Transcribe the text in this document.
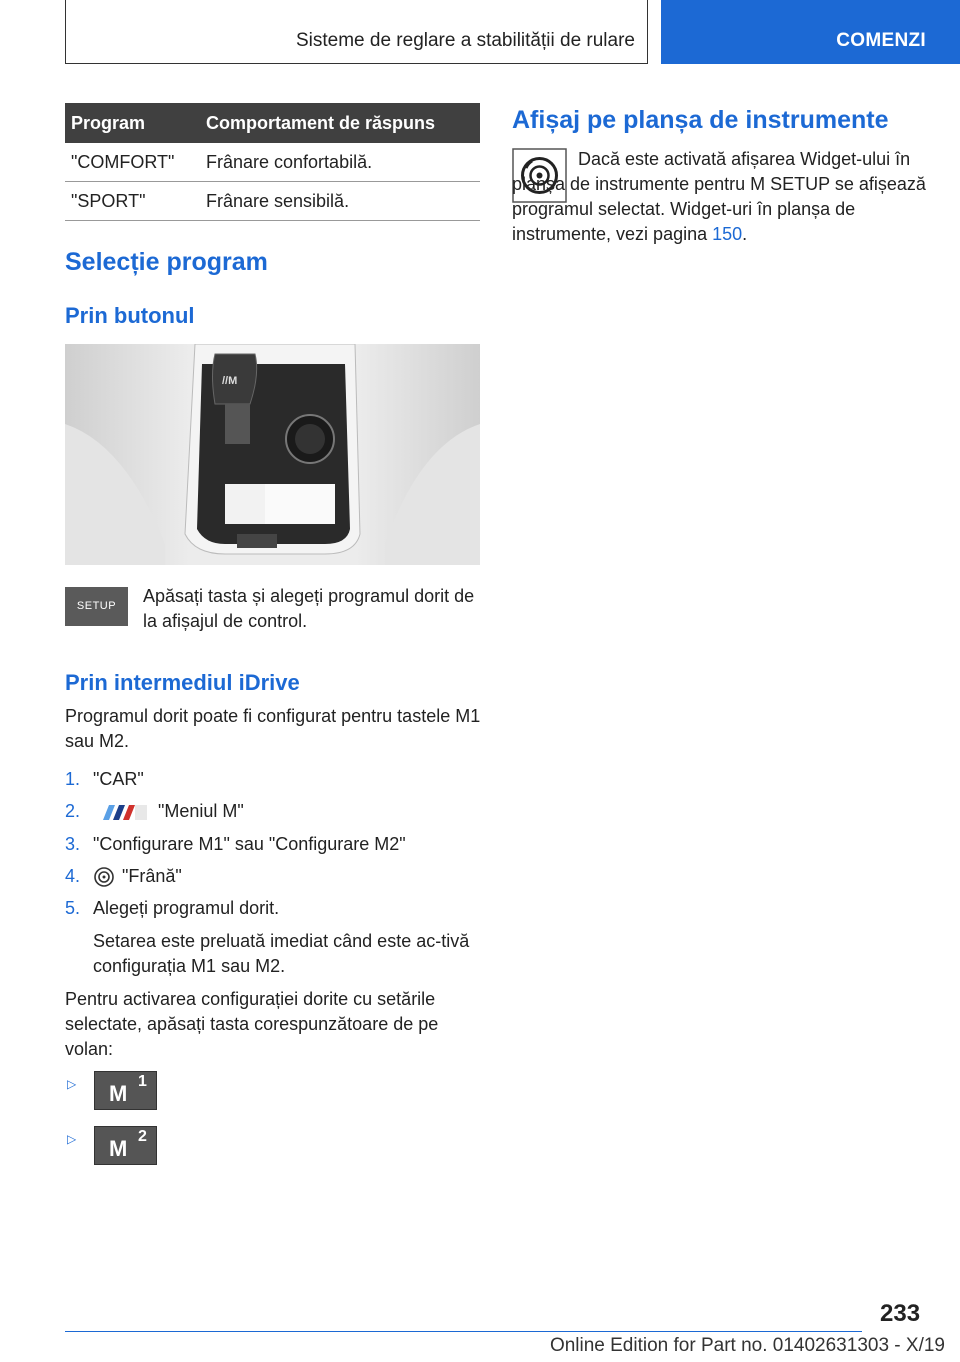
Sisteme de reglare a stabilității de rulare	COMENZI
Program	Comportament de răspuns
"COMFORT"	Frânare confortabilă.
"SPORT"	Frânare sensibilă.
Selecție program
Prin butonul
//M
SETUP	Apăsați tasta și alegeți programul dorit de la afișajul de control.

Prin intermediul iDrive

Programul dorit poate fi configurat pentru tastele M1 sau M2.

1. "CAR"
2.	"Meniul M"
3. "Configurare M1" sau "Configurare M2"
4. "Frână"
5. Alegeți programul dorit.

Setarea este preluată imediat când este ac-tivă configurația M1 sau M2.

Pentru activarea configurației dorite cu setările selectate, apăsați tasta corespunzătoare de pe volan:

▷ M 1
▷ M 2
Afișaj pe planșa de instrumente

Dacă este activată afișarea Widget-ului în planșa de instrumente pentru M SETUP se afișează programul selectat. Widget-uri în planșa de instrumente, vezi pagina 150.

233
Online Edition for Part no. 01402631303 - X/19
